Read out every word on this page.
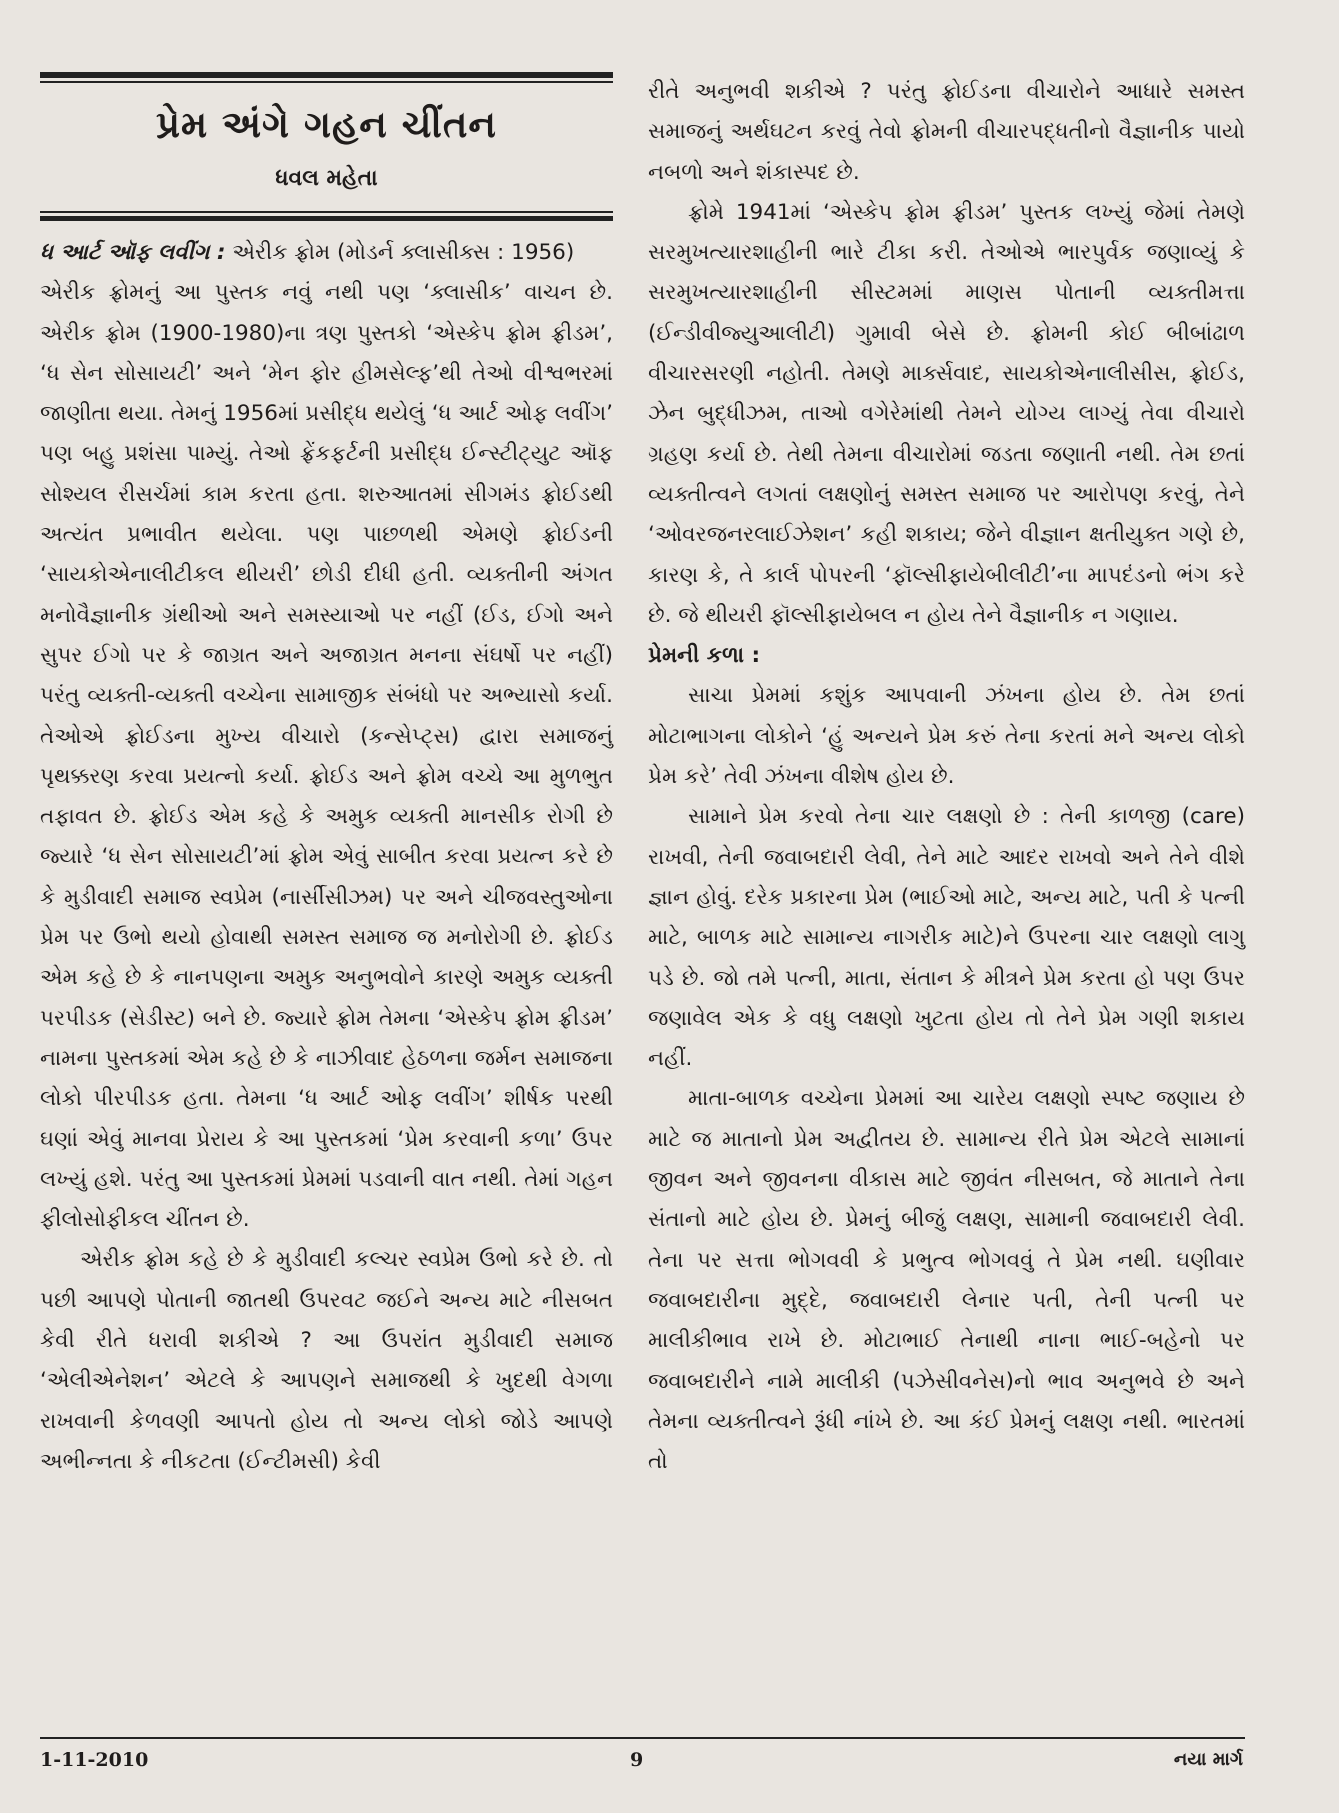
પ્રેમ અંગે ગહન ચીંતન
ધવલ મહેતા

ધ આર્ટ ઑફ લવીંગ : એરીક ફ્રોમ (મોડર્ન ક્લાસીક્સ : 1956)

એરીક ફ્રોમનું આ પુસ્તક નવું નથી પણ ‘ક્લાસીક’ વાચન છે. એરીક ફ્રોમ (1900-1980)ના ત્રણ પુસ્તકો ‘એસ્કેપ ફ્રોમ ફ્રીડમ’, ‘ધ સેન સોસાયટી’ અને ‘મેન ફોર હીમસેલ્ફ’થી તેઓ વીશ્વભરમાં જાણીતા થયા. તેમનું 1956માં પ્રસીદ્ધ થયેલું ‘ધ આર્ટ ઓફ લવીંગ’ પણ બહુ પ્રશંસા પામ્યું. તેઓ ફ્રેંકફર્ટની પ્રસીદ્ધ ઈન્સ્ટીટ્યુટ ઑફ સોશ્યલ રીસર્ચમાં કામ કરતા હતા. શરુઆતમાં સીગમંડ ફ્રોઈડથી અત્યંત પ્રભાવીત થયેલા. પણ પાછળથી એમણે ફ્રોઈડની ‘સાયકોએનાલીટીકલ થીયરી’ છોડી દીધી હતી. વ્યક્તીની અંગત મનોવૈજ્ઞાનીક ગ્રંથીઓ અને સમસ્યાઓ પર નહીં (ઈડ, ઈગો અને સુપર ઈગો પર કે જાગ્રત અને અજાગ્રત મનના સંઘર્ષો પર નહીં) પરંતુ વ્યક્તી-વ્યક્તી વચ્ચેના સામાજીક સંબંધો પર અભ્યાસો કર્યા. તેઓએ ફ્રોઈડના મુખ્ય વીચારો (કન્સેપ્ટ્સ) દ્વારા સમાજનું પૃથક્કરણ કરવા પ્રયત્નો કર્યા. ફ્રોઈડ અને ફ્રોમ વચ્ચે આ મુળભુત તફાવત છે. ફ્રોઈડ એમ કહે કે અમુક વ્યક્તી માનસીક રોગી છે જ્યારે ‘ધ સેન સોસાયટી’માં ફ્રોમ એવું સાબીત કરવા પ્રયત્ન કરે છે કે મુડીવાદી સમાજ સ્વપ્રેમ (નાર્સીસીઝમ) પર અને ચીજવસ્તુઓના પ્રેમ પર ઉભો થયો હોવાથી સમસ્ત સમાજ જ મનોરોગી છે. ફ્રોઈડ એમ કહે છે કે નાનપણના અમુક અનુભવોને કારણે અમુક વ્યક્તી પરપીડક (સેડીસ્ટ) બને છે. જ્યારે ફ્રોમ તેમના ‘એસ્કેપ ફ્રોમ ફ્રીડમ’ નામના પુસ્તકમાં એમ કહે છે કે નાઝીવાદ હેઠળના જર્મન સમાજના લોકો પીરપીડક હતા. તેમના ‘ધ આર્ટ ઓફ લવીંગ’ શીર્ષક પરથી ઘણાં એવું માનવા પ્રેરાય કે આ પુસ્તકમાં ‘પ્રેમ કરવાની કળા’ ઉપર લખ્યું હશે. પરંતુ આ પુસ્તકમાં પ્રેમમાં પડવાની વાત નથી. તેમાં ગહન ફીલોસોફીકલ ચીંતન છે.

એરીક ફ્રોમ કહે છે કે મુડીવાદી કલ્ચર સ્વપ્રેમ ઉભો કરે છે. તો પછી આપણે પોતાની જાતથી ઉપરવટ જઈને અન્ય માટે નીસબત કેવી રીતે ધરાવી શકીએ ? આ ઉપરાંત મુડીવાદી સમાજ ‘એલીએનેશન’ એટલે કે આપણને સમાજથી કે ખુદથી વેગળા રાખવાની કેળવણી આપતો હોય તો અન્ય લોકો જોડે આપણે અભીન્નતા કે નીકટતા (ઈન્ટીમસી) કેવી

રીતે અનુભવી શકીએ ? પરંતુ ફ્રોઈડના વીચારોને આધારે સમસ્ત સમાજનું અર્થઘટન કરવું તેવો ફ્રોમની વીચારપદ્ધતીનો વૈજ્ઞાનીક પાયો નબળો અને શંકાસ્પદ છે.

ફ્રોમે 1941માં ‘એસ્કેપ ફ્રોમ ફ્રીડમ’ પુસ્તક લખ્યું જેમાં તેમણે સરમુખત્યારશાહીની ભારે ટીકા કરી. તેઓએ ભારપુર્વક જણાવ્યું કે સરમુખત્યારશાહીની સીસ્ટમમાં માણસ પોતાની વ્યક્તીમત્તા (ઈન્ડીવીજ્યુઆલીટી) ગુમાવી બેસે છે. ફ્રોમની કોઈ બીબાંઢાળ વીચારસરણી નહોતી. તેમણે માર્ક્સવાદ, સાયકોએનાલીસીસ, ફ્રોઈડ, ઝેન બુદ્ધીઝમ, તાઓ વગેરેમાંથી તેમને યોગ્ય લાગ્યું તેવા વીચારો ગ્રહણ કર્યા છે. તેથી તેમના વીચારોમાં જડતા જણાતી નથી. તેમ છતાં વ્યક્તીત્વને લગતાં લક્ષણોનું સમસ્ત સમાજ પર આરોપણ કરવું, તેને ‘ઓવરજનરલાઈઝેશન’ કહી શકાય; જેને વીજ્ઞાન ક્ષતીયુક્ત ગણે છે, કારણ કે, તે કાર્લ પોપરની ‘ફૉલ્સીફાયેબીલીટી’ના માપદંડનો ભંગ કરે છે. જે થીયરી ફૉલ્સીફાયેબલ ન હોય તેને વૈજ્ઞાનીક ન ગણાય.

પ્રેમની કળા :

સાચા પ્રેમમાં કશુંક આપવાની ઝંખના હોય છે. તેમ છતાં મોટાભાગના લોકોને ‘હું અન્યને પ્રેમ કરું તેના કરતાં મને અન્ય લોકો પ્રેમ કરે’ તેવી ઝંખના વીશેષ હોય છે.

સામાને પ્રેમ કરવો તેના ચાર લક્ષણો છે : તેની કાળજી (care) રાખવી, તેની જવાબદારી લેવી, તેને માટે આદર રાખવો અને તેને વીશે જ્ઞાન હોવું. દરેક પ્રકારના પ્રેમ (ભાઈઓ માટે, અન્ય માટે, પતી કે પત્ની માટે, બાળક માટે સામાન્ય નાગરીક માટે)ને ઉપરના ચાર લક્ષણો લાગુ પડે છે. જો તમે પત્ની, માતા, સંતાન કે મીત્રને પ્રેમ કરતા હો પણ ઉપર જણાવેલ એક કે વધુ લક્ષણો ખુટતા હોય તો તેને પ્રેમ ગણી શકાય નહીં.

માતા-બાળક વચ્ચેના પ્રેમમાં આ ચારેય લક્ષણો સ્પષ્ટ જણાય છે માટે જ માતાનો પ્રેમ અદ્વીતય છે. સામાન્ય રીતે પ્રેમ એટલે સામાનાં જીવન અને જીવનના વીકાસ માટે જીવંત નીસબત, જે માતાને તેના સંતાનો માટે હોય છે. પ્રેમનું બીજું લક્ષણ, સામાની જવાબદારી લેવી. તેના પર સત્તા ભોગવવી કે પ્રભુત્વ ભોગવવું તે પ્રેમ નથી. ઘણીવાર જવાબદારીના મુદ્દે, જવાબદારી લેનાર પતી, તેની પત્ની પર માલીકીભાવ રાખે છે. મોટાભાઈ તેનાથી નાના ભાઈ-બહેનો પર જવાબદારીને નામે માલીકી (પઝેસીવનેસ)નો ભાવ અનુભવે છે અને તેમના વ્યક્તીત્વને રૂંધી નાંખે છે. આ કંઈ પ્રેમનું લક્ષણ નથી. ભારતમાં તો

1-11-2010	9	નયા માર્ગ
